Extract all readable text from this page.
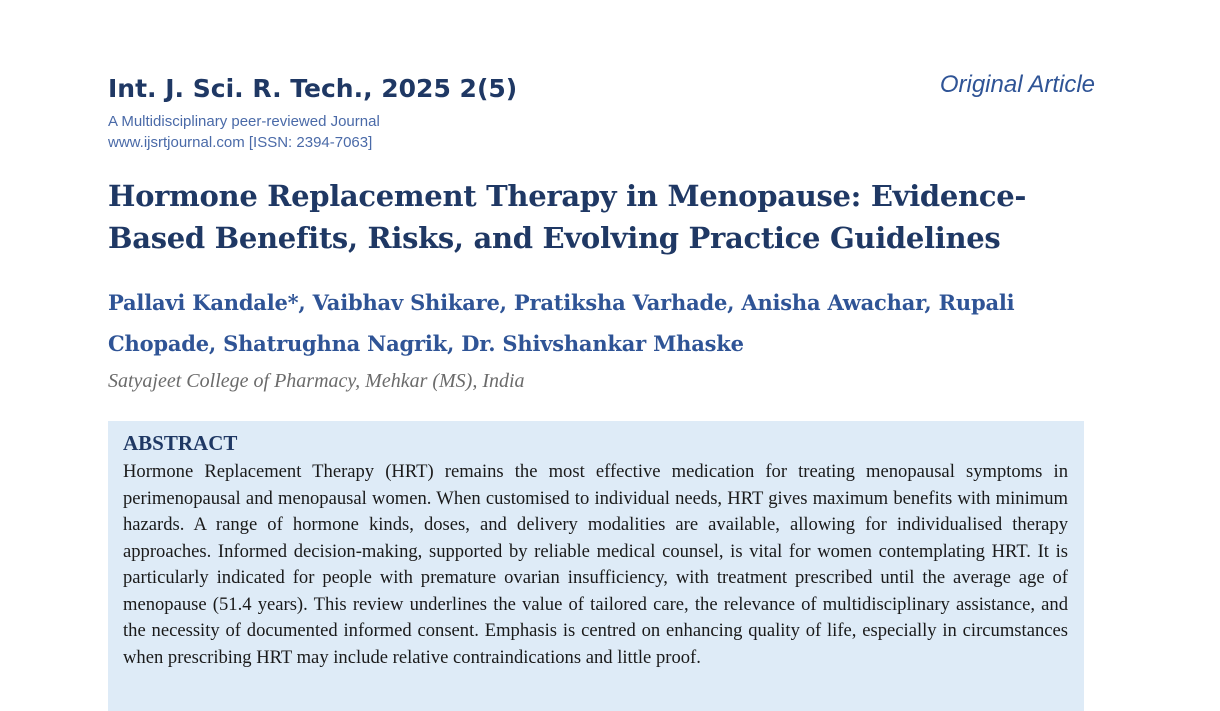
Int. J. Sci. R. Tech., 2025 2(5)
A Multidisciplinary peer-reviewed Journal
www.ijsrtjournal.com [ISSN: 2394-7063]
Original Article
Hormone Replacement Therapy in Menopause: Evidence-Based Benefits, Risks, and Evolving Practice Guidelines
Pallavi Kandale*, Vaibhav Shikare, Pratiksha Varhade, Anisha Awachar, Rupali Chopade, Shatrughna Nagrik, Dr. Shivshankar Mhaske
Satyajeet College of Pharmacy, Mehkar (MS), India
ABSTRACT

Hormone Replacement Therapy (HRT) remains the most effective medication for treating menopausal symptoms in perimenopausal and menopausal women. When customised to individual needs, HRT gives maximum benefits with minimum hazards. A range of hormone kinds, doses, and delivery modalities are available, allowing for individualised therapy approaches. Informed decision-making, supported by reliable medical counsel, is vital for women contemplating HRT. It is particularly indicated for people with premature ovarian insufficiency, with treatment prescribed until the average age of menopause (51.4 years). This review underlines the value of tailored care, the relevance of multidisciplinary assistance, and the necessity of documented informed consent. Emphasis is centred on enhancing quality of life, especially in circumstances when prescribing HRT may include relative contraindications and little proof.
